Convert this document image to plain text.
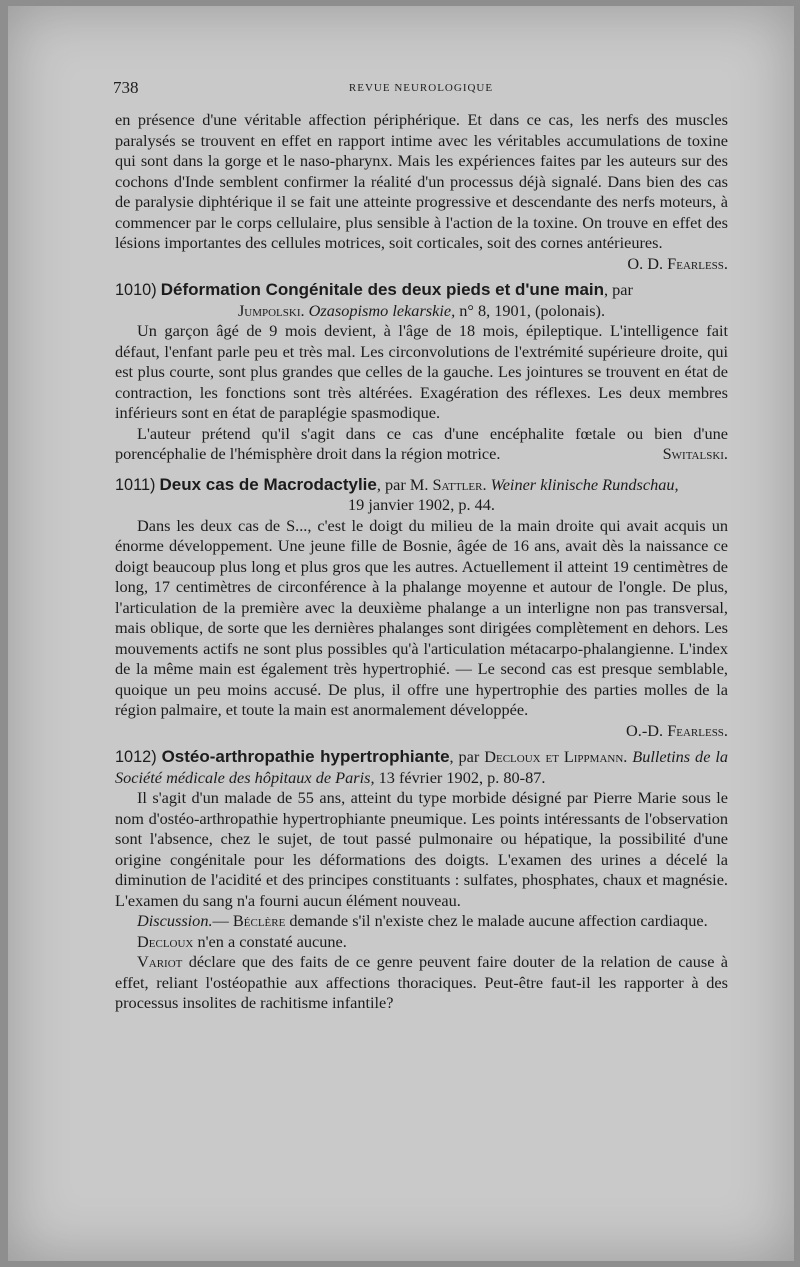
738	REVUE NEUROLOGIQUE

en présence d'une véritable affection périphérique. Et dans ce cas, les nerfs des muscles paralysés se trouvent en effet en rapport intime avec les véritables accumulations de toxine qui sont dans la gorge et le naso-pharynx. Mais les expériences faites par les auteurs sur des cochons d'Inde semblent confirmer la réalité d'un processus déjà signalé. Dans bien des cas de paralysie diphtérique il se fait une atteinte progressive et descendante des nerfs moteurs, à commencer par le corps cellulaire, plus sensible à l'action de la toxine. On trouve en effet des lésions importantes des cellules motrices, soit corticales, soit des cornes antérieures.

O. D. Fearless.

1010) Déformation Congénitale des deux pieds et d'une main, par
Jumpolski. Ozasopismo lekarskie, n° 8, 1901, (polonais).

Un garçon âgé de 9 mois devient, à l'âge de 18 mois, épileptique. L'intelligence fait défaut, l'enfant parle peu et très mal. Les circonvolutions de l'extrémité supérieure droite, qui est plus courte, sont plus grandes que celles de la gauche. Les jointures se trouvent en état de contraction, les fonctions sont très altérées. Exagération des réflexes. Les deux membres inférieurs sont en état de paraplégie spasmodique.

L'auteur prétend qu'il s'agit dans ce cas d'une encéphalite fœtale ou bien d'une porencéphalie de l'hémisphère droit dans la région motrice.	Switalski.

1011) Deux cas de Macrodactylie, par M. Sattler. Weiner klinische Rundschau,
19 janvier 1902, p. 44.

Dans les deux cas de S..., c'est le doigt du milieu de la main droite qui avait acquis un énorme développement. Une jeune fille de Bosnie, âgée de 16 ans, avait dès la naissance ce doigt beaucoup plus long et plus gros que les autres. Actuellement il atteint 19 centimètres de long, 17 centimètres de circonférence à la phalange moyenne et autour de l'ongle. De plus, l'articulation de la première avec la deuxième phalange a un interligne non pas transversal, mais oblique, de sorte que les dernières phalanges sont dirigées complètement en dehors. Les mouvements actifs ne sont plus possibles qu'à l'articulation métacarpo-phalangienne. L'index de la même main est également très hypertrophié. — Le second cas est presque semblable, quoique un peu moins accusé. De plus, il offre une hypertrophie des parties molles de la région palmaire, et toute la main est anormalement développée.

O.-D. Fearless.

1012) Ostéo-arthropathie hypertrophiante, par Decloux et Lippmann. Bulletins de la Société médicale des hôpitaux de Paris, 13 février 1902, p. 80-87.

Il s'agit d'un malade de 55 ans, atteint du type morbide désigné par Pierre Marie sous le nom d'ostéo-arthropathie hypertrophiante pneumique. Les points intéressants de l'observation sont l'absence, chez le sujet, de tout passé pulmonaire ou hépatique, la possibilité d'une origine congénitale pour les déformations des doigts. L'examen des urines a décelé la diminution de l'acidité et des principes constituants : sulfates, phosphates, chaux et magnésie. L'examen du sang n'a fourni aucun élément nouveau.

Discussion.— Béclère demande s'il n'existe chez le malade aucune affection cardiaque.

Decloux n'en a constaté aucune.

Variot déclare que des faits de ce genre peuvent faire douter de la relation de cause à effet, reliant l'ostéopathie aux affections thoraciques. Peut-être faut-il les rapporter à des processus insolites de rachitisme infantile?
